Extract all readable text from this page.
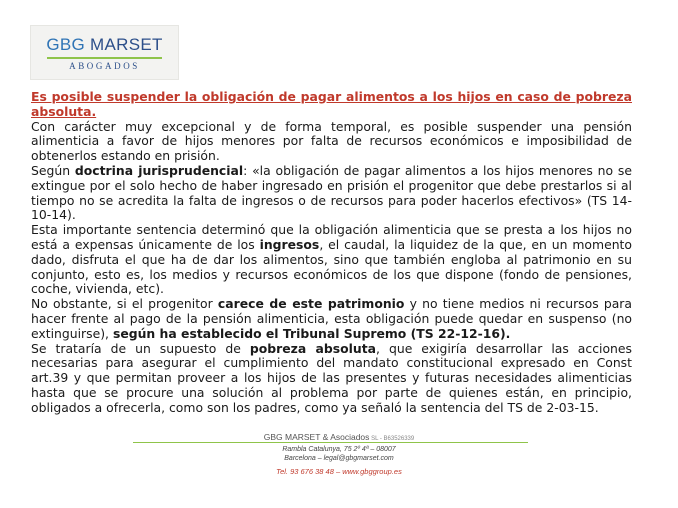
GBG MARSET
ABOGADOS

Es posible suspender la obligación de pagar alimentos a los hijos en caso de pobreza absoluta.

Con carácter muy excepcional y de forma temporal, es posible suspender una pensión alimenticia a favor de hijos menores por falta de recursos económicos e imposibilidad de obtenerlos estando en prisión.

Según doctrina jurisprudencial: «la obligación de pagar alimentos a los hijos menores no se extingue por el solo hecho de haber ingresado en prisión el progenitor que debe prestarlos si al tiempo no se acredita la falta de ingresos o de recursos para poder hacerlos efectivos» (TS 14-10-14).

Esta importante sentencia determinó que la obligación alimenticia que se presta a los hijos no está a expensas únicamente de los ingresos, el caudal, la liquidez de la que, en un momento dado, disfruta el que ha de dar los alimentos, sino que también engloba al patrimonio en su conjunto, esto es, los medios y recursos económicos de los que dispone (fondo de pensiones, coche, vivienda, etc).

No obstante, si el progenitor carece de este patrimonio y no tiene medios ni recursos para hacer frente al pago de la pensión alimenticia, esta obligación puede quedar en suspenso (no extinguirse), según ha establecido el Tribunal Supremo (TS 22-12-16).

Se trataría de un supuesto de pobreza absoluta, que exigiría desarrollar las acciones necesarias para asegurar el cumplimiento del mandato constitucional expresado en Const art.39 y que permitan proveer a los hijos de las presentes y futuras necesidades alimenticias hasta que se procure una solución al problema por parte de quienes están, en principio, obligados a ofrecerla, como son los padres, como ya señaló la sentencia del TS de 2-03-15.

GBG MARSET & Asociados SL - B63526339
Rambla Catalunya, 75 2º 4ª – 08007
Barcelona – legal@gbgmarset.com
Tel. 93 676 38 48 – www.gbggroup.es
